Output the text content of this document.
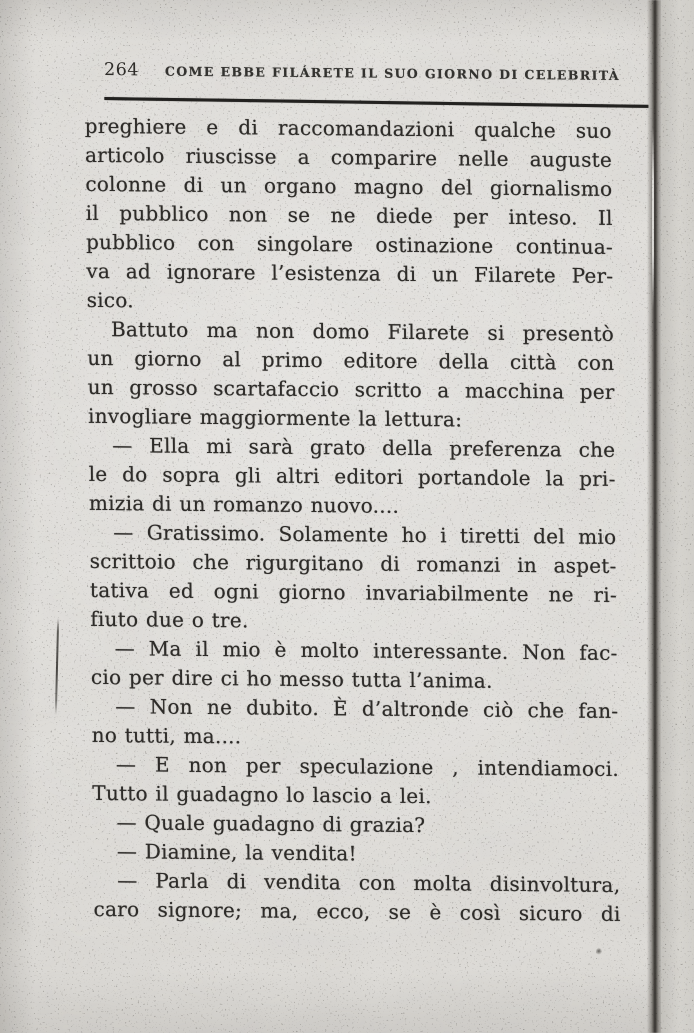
264 COME EBBE FILÁRETE IL SUO GIORNO DI CELEBRITÀ
preghiere e di raccomandazioni qualche suo
articolo riuscisse a comparire nelle auguste
colonne di un organo magno del giornalismo
il pubblico non se ne diede per inteso. Il
pubblico con singolare ostinazione continua-
va ad ignorare l’esistenza di un Filarete Per-
sico.
Battuto ma non domo Filarete si presentò
un giorno al primo editore della città con
un grosso scartafaccio scritto a macchina per
invogliare maggiormente la lettura:
— Ella mi sarà grato della preferenza che
le do sopra gli altri editori portandole la pri-
mizia di un romanzo nuovo....
— Gratissimo. Solamente ho i tiretti del mio
scrittoio che rigurgitano di romanzi in aspet-
tativa ed ogni giorno invariabilmente ne ri-
fiuto due o tre.
— Ma il mio è molto interessante. Non fac-
cio per dire ci ho messo tutta l’anima.
— Non ne dubito. È d’altronde ciò che fan-
no tutti, ma....
— E non per speculazione , intendiamoci.
Tutto il guadagno lo lascio a lei.
— Quale guadagno di grazia?
— Diamine, la vendita!
— Parla di vendita con molta disinvoltura,
caro signore; ma, ecco, se è così sicuro di
